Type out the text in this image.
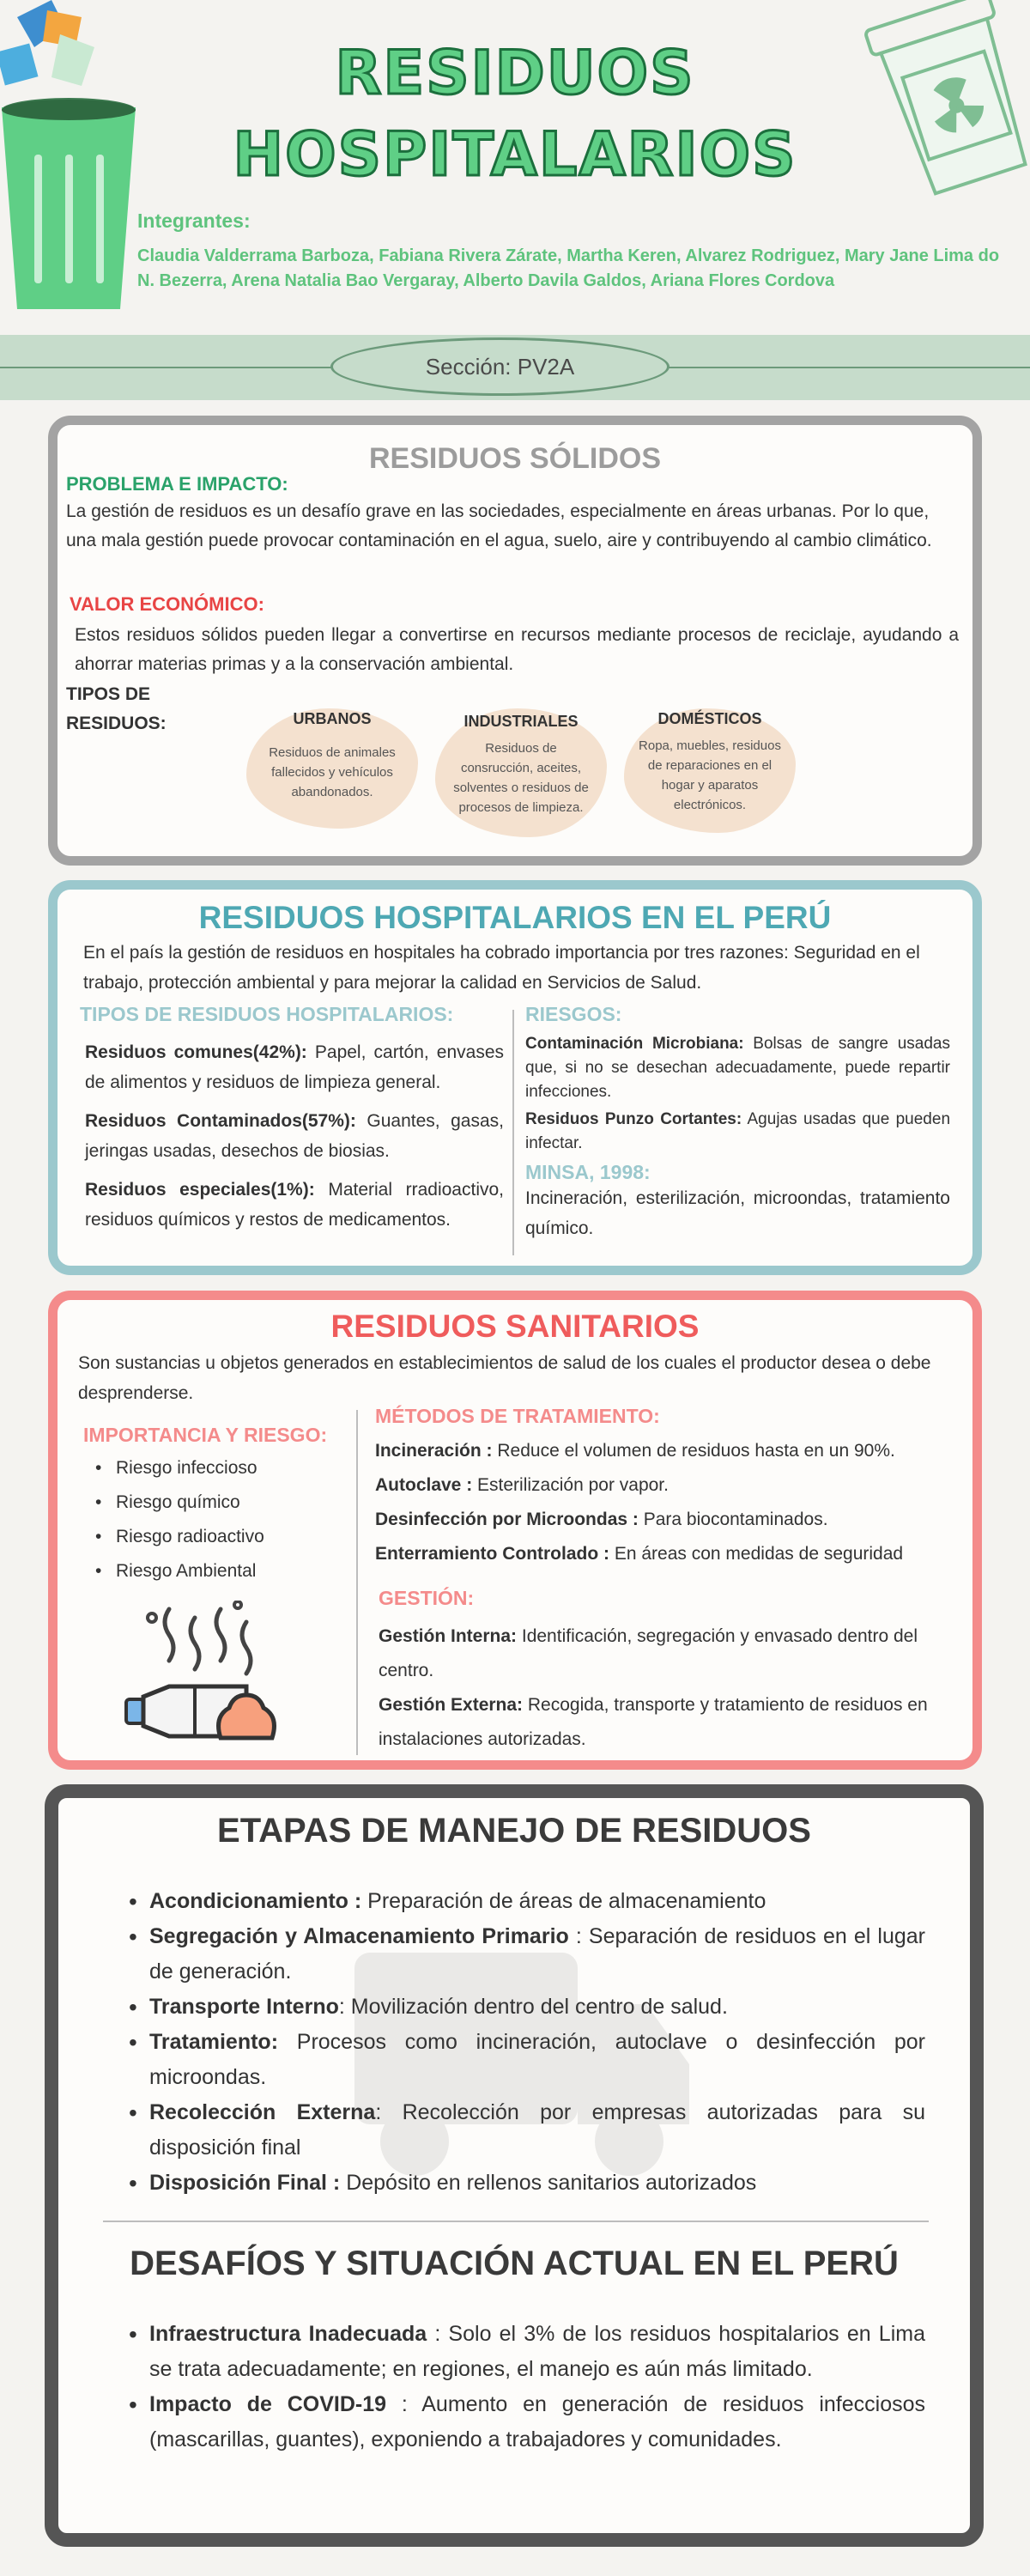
RESIDUOS
HOSPITALARIOS
Integrantes:
Claudia Valderrama Barboza, Fabiana Rivera Zárate, Martha Keren, Alvarez Rodriguez, Mary Jane Lima do N. Bezerra, Arena Natalia Bao Vergaray, Alberto Davila Galdos, Ariana Flores Cordova
Sección: PV2A
RESIDUOS SÓLIDOS
PROBLEMA E IMPACTO:
La gestión de residuos es un desafío grave en las sociedades, especialmente en áreas urbanas. Por lo que, una mala gestión puede provocar contaminación en el agua, suelo, aire y contribuyendo al cambio climático.
VALOR ECONÓMICO:
Estos residuos sólidos pueden llegar a convertirse en recursos mediante procesos de reciclaje, ayudando a ahorrar materias primas y a la conservación ambiental.
TIPOS DE
RESIDUOS:	URBANOS
Residuos de animales fallecidos y vehículos abandonados.
INDUSTRIALES
Residuos de consrucción, aceites, solventes o residuos de procesos de limpieza.
DOMÉSTICOS
Ropa, muebles, residuos de reparaciones en el hogar y aparatos electrónicos.
RESIDUOS HOSPITALARIOS EN EL PERÚ
En el país la gestión de residuos en hospitales ha cobrado importancia por tres razones: Seguridad en el trabajo, protección ambiental y para mejorar la calidad en Servicios de Salud.
TIPOS DE RESIDUOS HOSPITALARIOS:
Residuos comunes(42%): Papel, cartón, envases de alimentos y residuos de limpieza general.
Residuos Contaminados(57%): Guantes, gasas, jeringas usadas, desechos de biosias.
Residuos especiales(1%): Material rradioactivo, residuos químicos y restos de medicamentos.
RIESGOS:
Contaminación Microbiana: Bolsas de sangre usadas que, si no se desechan adecuadamente, puede repartir infecciones.
Residuos Punzo Cortantes: Agujas usadas que pueden infectar.
MINSA, 1998:
Incineración, esterilización, microondas, tratamiento químico.
RESIDUOS SANITARIOS
Son sustancias u objetos generados en establecimientos de salud de los cuales el productor desea o debe desprenderse.
IMPORTANCIA Y RIESGO:
• Riesgo infeccioso
• Riesgo químico
• Riesgo radioactivo
• Riesgo Ambiental
MÉTODOS DE TRATAMIENTO:
Incineración : Reduce el volumen de residuos hasta en un 90%.
Autoclave : Esterilización por vapor.
Desinfección por Microondas : Para biocontaminados.
Enterramiento Controlado : En áreas con medidas de seguridad
GESTIÓN:
Gestión Interna: Identificación, segregación y envasado dentro del centro.
Gestión Externa: Recogida, transporte y tratamiento de residuos en instalaciones autorizadas.
ETAPAS DE MANEJO DE RESIDUOS
• Acondicionamiento : Preparación de áreas de almacenamiento
• Segregación y Almacenamiento Primario : Separación de residuos en el lugar de generación.
• Transporte Interno: Movilización dentro del centro de salud.
• Tratamiento: Procesos como incineración, autoclave o desinfección por microondas.
• Recolección Externa: Recolección por empresas autorizadas para su disposición final
• Disposición Final : Depósito en rellenos sanitarios autorizados
DESAFÍOS Y SITUACIÓN ACTUAL EN EL PERÚ
• Infraestructura Inadecuada : Solo el 3% de los residuos hospitalarios en Lima se trata adecuadamente; en regiones, el manejo es aún más limitado.
• Impacto de COVID-19 : Aumento en generación de residuos infecciosos (mascarillas, guantes), exponiendo a trabajadores y comunidades.
